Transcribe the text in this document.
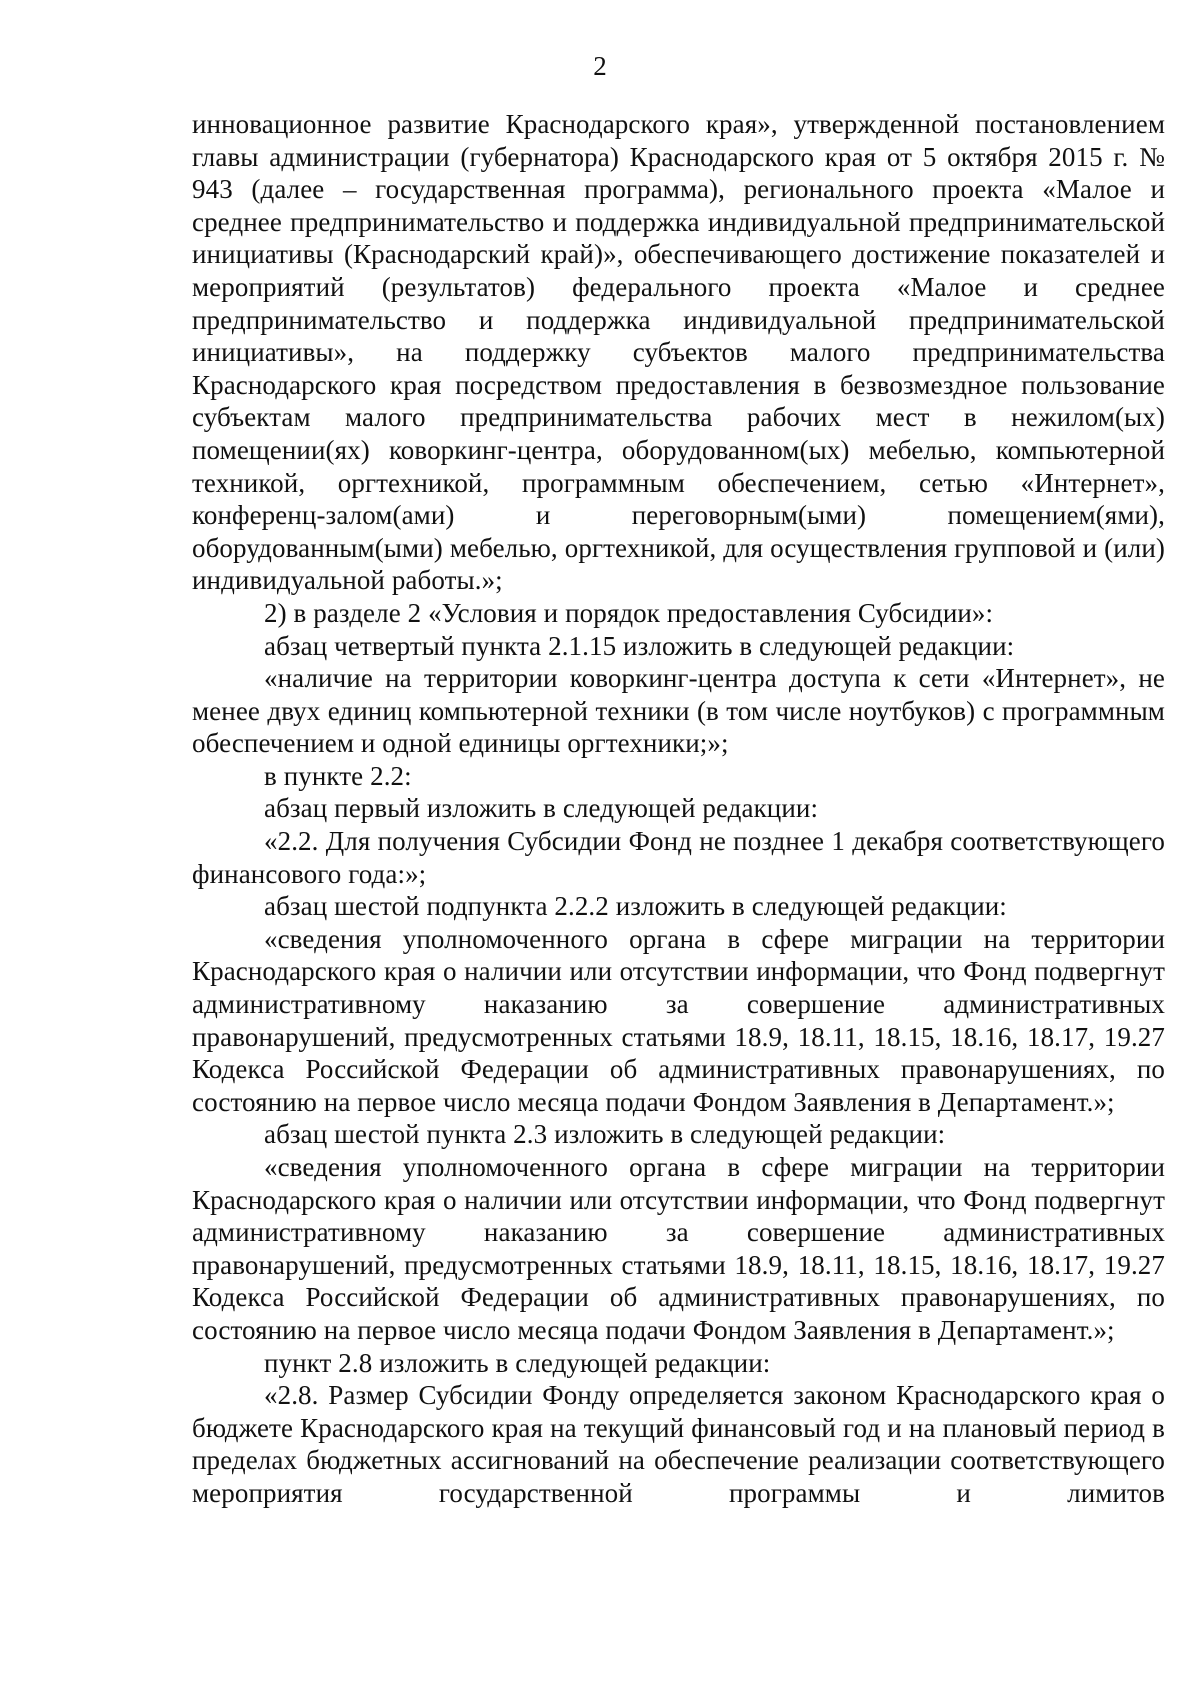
2

инновационное развитие Краснодарского края», утвержденной постановлением главы администрации (губернатора) Краснодарского края от 5 октября 2015 г. № 943 (далее – государственная программа), регионального проекта «Малое и среднее предпринимательство и поддержка индивидуальной предпринимательской инициативы (Краснодарский край)», обеспечивающего достижение показателей и мероприятий (результатов) федерального проекта «Малое и среднее предпринимательство и поддержка индивидуальной предпринимательской инициативы», на поддержку субъектов малого предпринимательства Краснодарского края посредством предоставления в безвозмездное пользование субъектам малого предпринимательства рабочих мест в нежилом(ых) помещении(ях) коворкинг-центра, оборудованном(ых) мебелью, компьютерной техникой, оргтехникой, программным обеспечением, сетью «Интернет», конференц-залом(ами) и переговорным(ыми) помещением(ями), оборудованным(ыми) мебелью, оргтехникой, для осуществления групповой и (или) индивидуальной работы.»;

2) в разделе 2 «Условия и порядок предоставления Субсидии»:

абзац четвертый пункта 2.1.15 изложить в следующей редакции:

«наличие на территории коворкинг-центра доступа к сети «Интернет», не менее двух единиц компьютерной техники (в том числе ноутбуков) с программным обеспечением и одной единицы оргтехники;»;

в пункте 2.2:

абзац первый изложить в следующей редакции:

«2.2. Для получения Субсидии Фонд не позднее 1 декабря соответствующего финансового года:»;

абзац шестой подпункта 2.2.2 изложить в следующей редакции:

«сведения уполномоченного органа в сфере миграции на территории Краснодарского края о наличии или отсутствии информации, что Фонд подвергнут административному наказанию за совершение административных правонарушений, предусмотренных статьями 18.9, 18.11, 18.15, 18.16, 18.17, 19.27 Кодекса Российской Федерации об административных правонарушениях, по состоянию на первое число месяца подачи Фондом Заявления в Департамент.»;

абзац шестой пункта 2.3 изложить в следующей редакции:

«сведения уполномоченного органа в сфере миграции на территории Краснодарского края о наличии или отсутствии информации, что Фонд подвергнут административному наказанию за совершение административных правонарушений, предусмотренных статьями 18.9, 18.11, 18.15, 18.16, 18.17, 19.27 Кодекса Российской Федерации об административных правонарушениях, по состоянию на первое число месяца подачи Фондом Заявления в Департамент.»;

пункт 2.8 изложить в следующей редакции:

«2.8. Размер Субсидии Фонду определяется законом Краснодарского края о бюджете Краснодарского края на текущий финансовый год и на плановый период в пределах бюджетных ассигнований на обеспечение реализации соответствующего мероприятия государственной программы и лимитов
